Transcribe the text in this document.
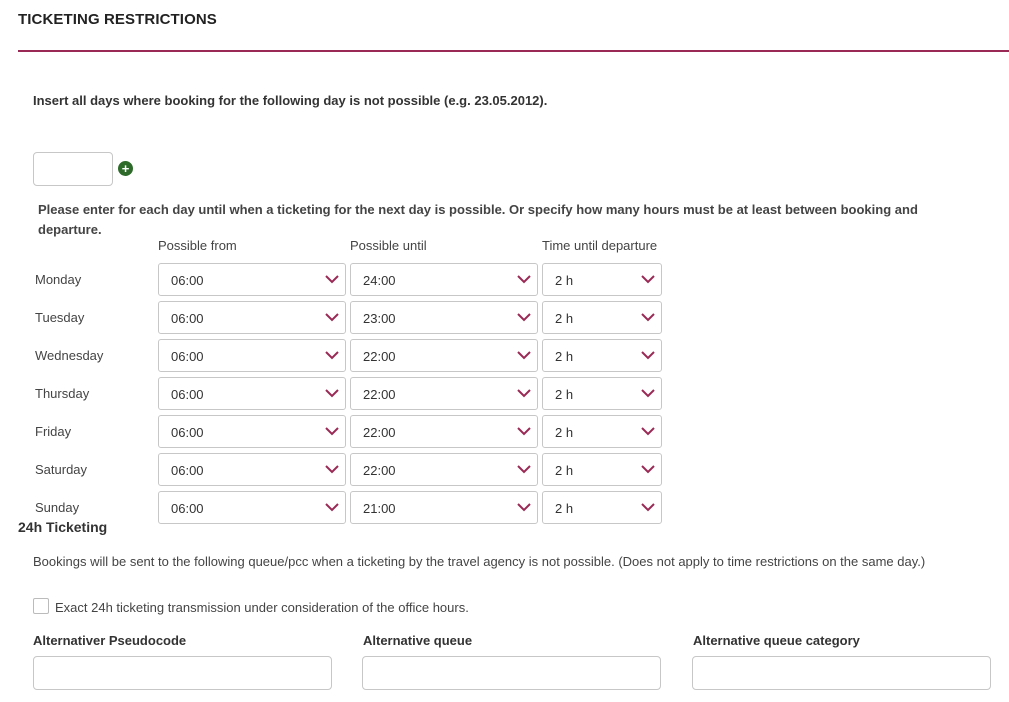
TICKETING RESTRICTIONS
Insert all days where booking for the following day is not possible (e.g. 23.05.2012).
+
Please enter for each day until when a ticketing for the next day is possible. Or specify how many hours must be at least between booking and departure.
Possible from	Possible until	Time until departure
Monday	06:00	24:00	2 h
Tuesday	06:00	23:00	2 h
Wednesday	06:00	22:00	2 h
Thursday	06:00	22:00	2 h
Friday	06:00	22:00	2 h
Saturday	06:00	22:00	2 h
Sunday	06:00	21:00	2 h
24h Ticketing
Bookings will be sent to the following queue/pcc when a ticketing by the travel agency is not possible. (Does not apply to time restrictions on the same day.)
Exact 24h ticketing transmission under consideration of the office hours.
Alternativer Pseudocode	Alternative queue	Alternative queue category
